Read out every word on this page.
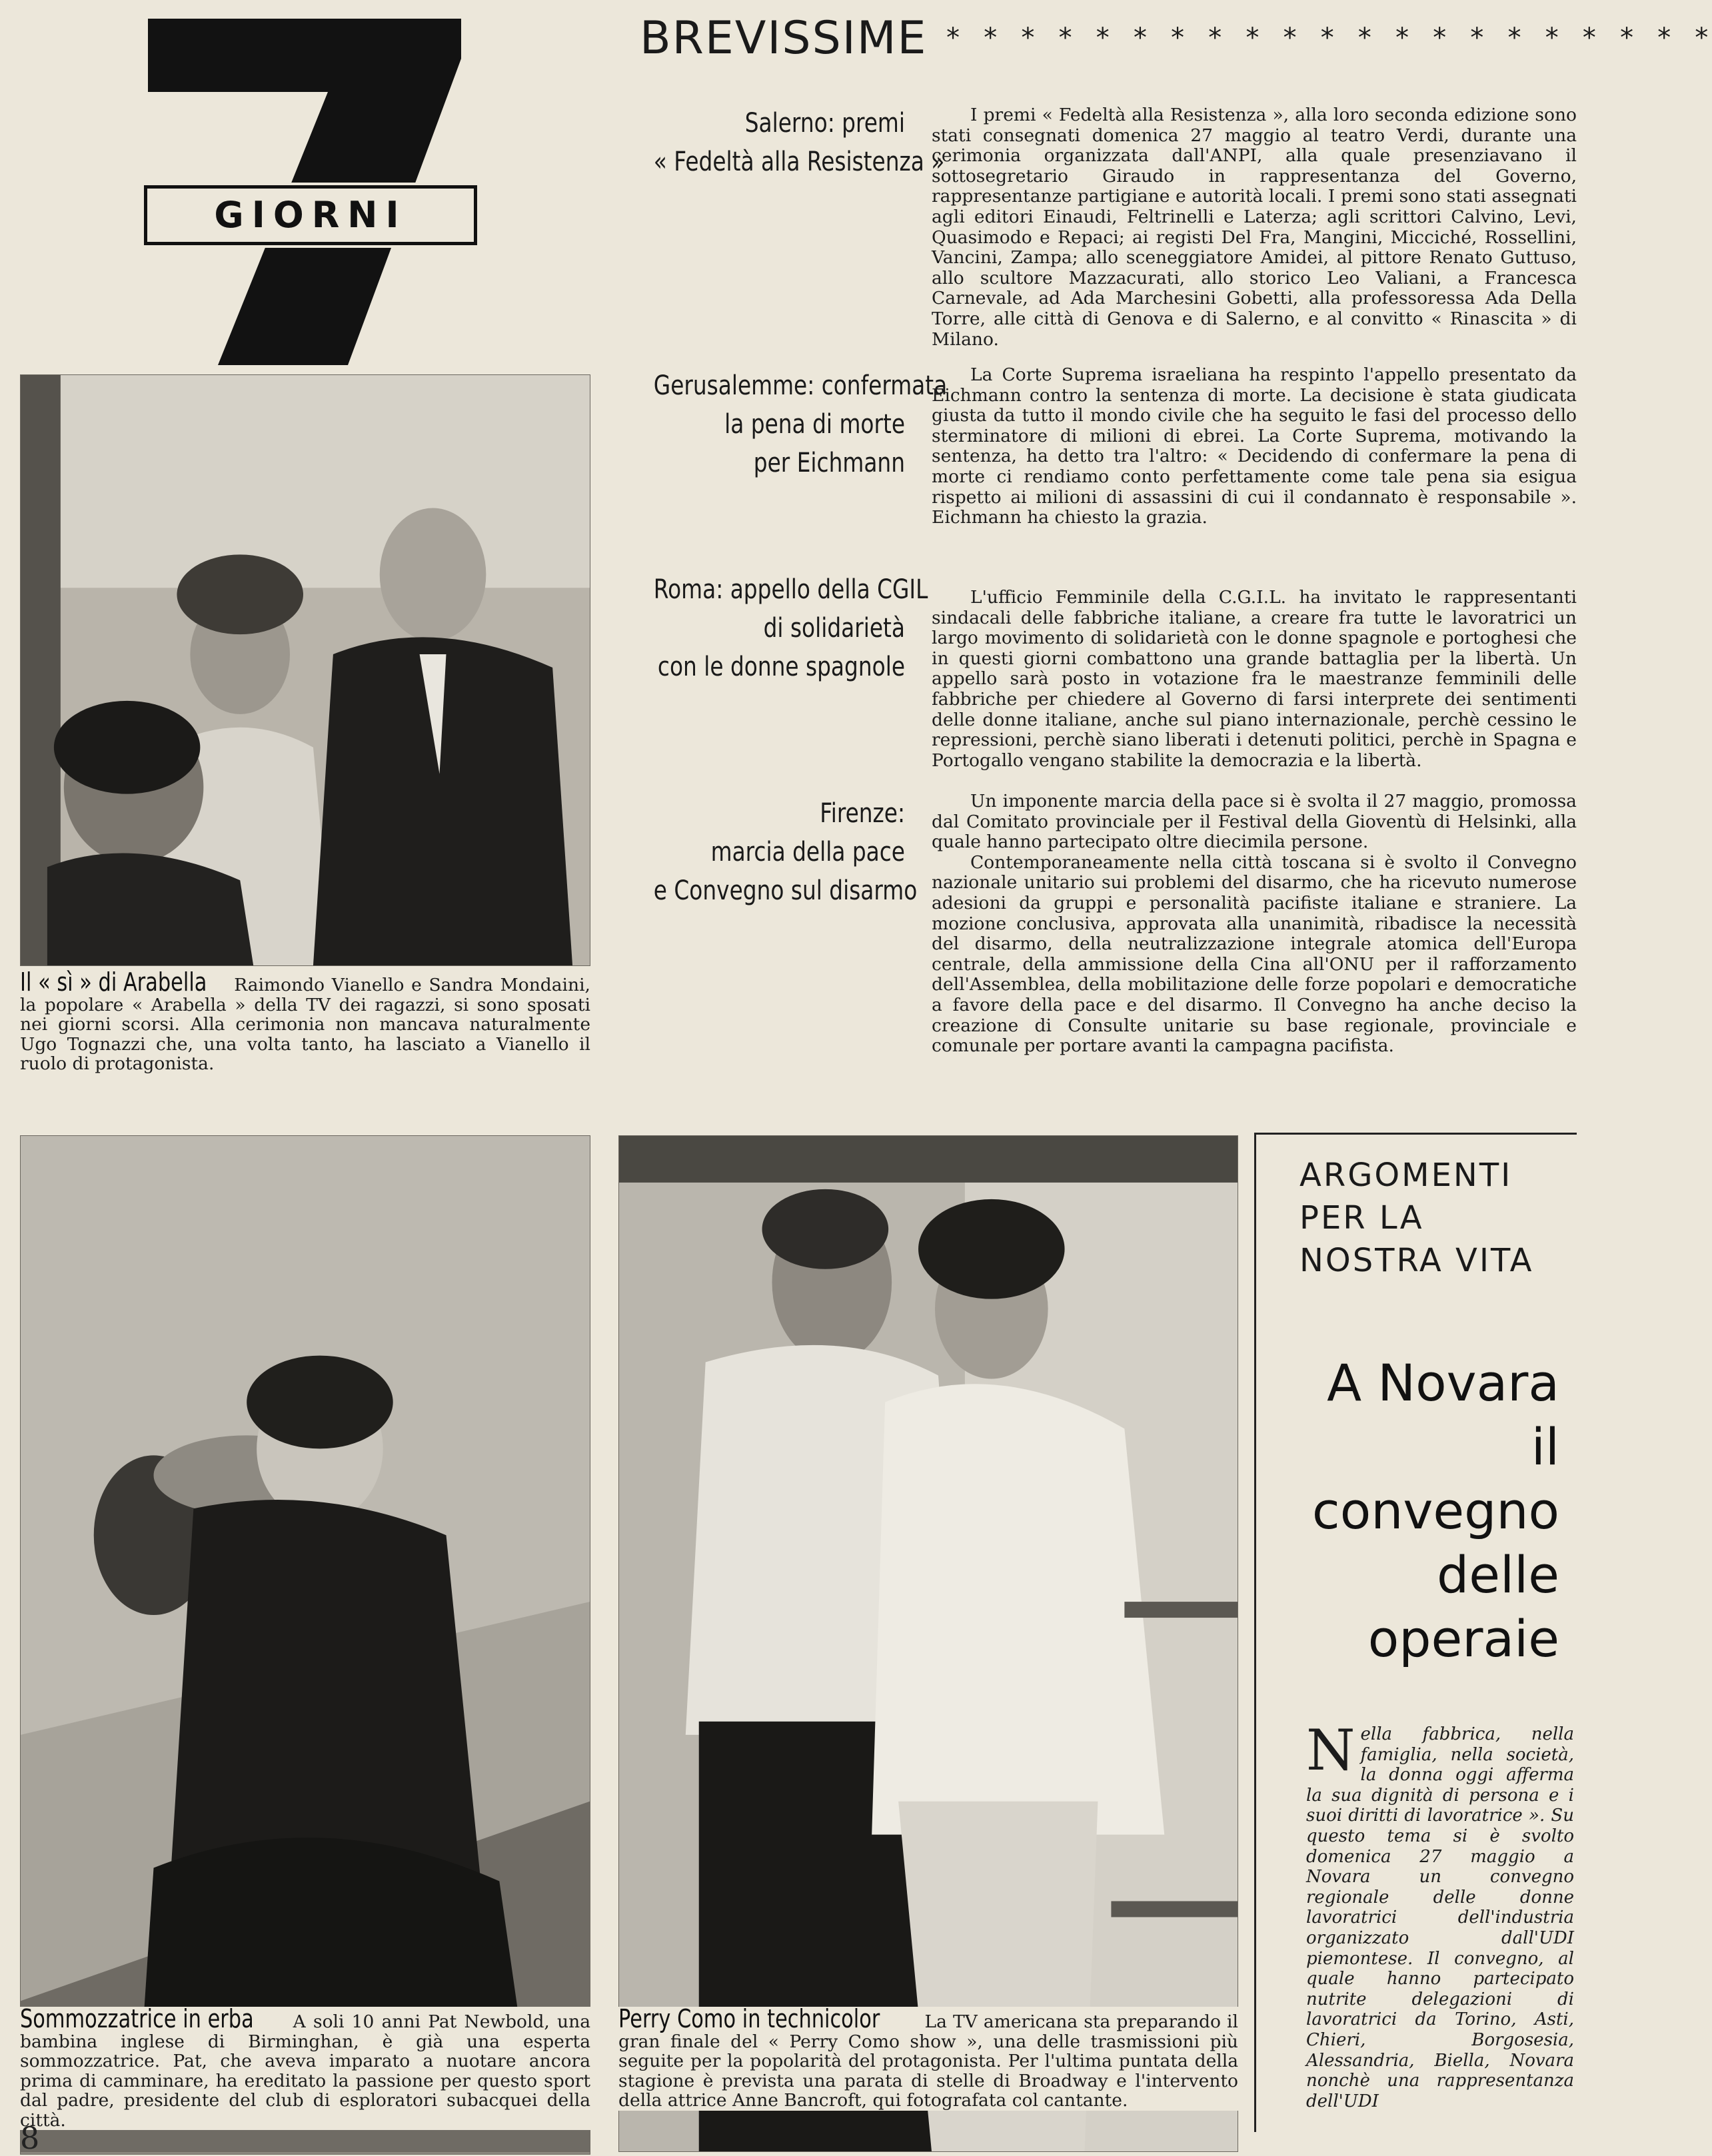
GIORNI
BREVISSIME * * * * * * * * * * * * * * * * * * * * *
Salerno: premi
« Fedeltà alla Resistenza »
Gerusalemme: confermata
la pena di morte
per Eichmann
Roma: appello della CGIL
di solidarietà
con le donne spagnole
Firenze:
marcia della pace
e Convegno sul disarmo

I premi « Fedeltà alla Resistenza », alla loro seconda edizione sono stati consegnati domenica 27 maggio al teatro Verdi, durante una cerimonia organizzata dall'ANPI, alla quale presenziavano il sottosegretario Giraudo in rappresentanza del Governo, rappresentanze partigiane e autorità locali. I premi sono stati assegnati agli editori Einaudi, Feltrinelli e Laterza; agli scrittori Calvino, Levi, Quasimodo e Repaci; ai registi Del Fra, Mangini, Micciché, Rossellini, Vancini, Zampa; allo sceneggiatore Amidei, al pittore Renato Guttuso, allo scultore Mazzacurati, allo storico Leo Valiani, a Francesca Carnevale, ad Ada Marchesini Gobetti, alla professoressa Ada Della Torre, alle città di Genova e di Salerno, e al convitto « Rinascita » di Milano.

La Corte Suprema israeliana ha respinto l'appello presentato da Eichmann contro la sentenza di morte. La decisione è stata giudicata giusta da tutto il mondo civile che ha seguito le fasi del processo dello sterminatore di milioni di ebrei. La Corte Suprema, motivando la sentenza, ha detto tra l'altro: « Decidendo di confermare la pena di morte ci rendiamo conto perfettamente come tale pena sia esigua rispetto ai milioni di assassini di cui il condannato è responsabile ». Eichmann ha chiesto la grazia.

L'ufficio Femminile della C.G.I.L. ha invitato le rappresentanti sindacali delle fabbriche italiane, a creare fra tutte le lavoratrici un largo movimento di solidarietà con le donne spagnole e portoghesi che in questi giorni combattono una grande battaglia per la libertà. Un appello sarà posto in votazione fra le maestranze femminili delle fabbriche per chiedere al Governo di farsi interprete dei sentimenti delle donne italiane, anche sul piano internazionale, perchè cessino le repressioni, perchè siano liberati i detenuti politici, perchè in Spagna e Portogallo vengano stabilite la democrazia e la libertà.

Un imponente marcia della pace si è svolta il 27 maggio, promossa dal Comitato provinciale per il Festival della Gioventù di Helsinki, alla quale hanno partecipato oltre diecimila persone.

Contemporaneamente nella città toscana si è svolto il Convegno nazionale unitario sui problemi del disarmo, che ha ricevuto numerose adesioni da gruppi e personalità pacifiste italiane e straniere. La mozione conclusiva, approvata alla unanimità, ribadisce la necessità del disarmo, della neutralizzazione integrale atomica dell'Europa centrale, della ammissione della Cina all'ONU per il rafforzamento dell'Assemblea, della mobilitazione delle forze popolari e democratiche a favore della pace e del disarmo. Il Convegno ha anche deciso la creazione di Consulte unitarie su base regionale, provinciale e comunale per portare avanti la campagna pacifista.

Il « sì » di Arabella Raimondo Vianello e Sandra Mondaini, la popolare « Arabella » della TV dei ragazzi, si sono sposati nei giorni scorsi. Alla cerimonia non mancava naturalmente Ugo Tognazzi che, una volta tanto, ha lasciato a Vianello il ruolo di protagonista.
Sommozzatrice in erba A soli 10 anni Pat Newbold, una bambina inglese di Birminghan, è già una esperta sommozzatrice. Pat, che aveva imparato a nuotare ancora prima di camminare, ha ereditato la passione per questo sport dal padre, presidente del club di esploratori subacquei della città.
Perry Como in technicolor	La TV americana sta preparando il gran finale del « Perry Como show », una delle trasmissioni più seguite per la popolarità del protagonista. Per l'ultima puntata della stagione è prevista una parata di stelle di Broadway e l'intervento della attrice Anne Bancroft, qui fotografata col cantante.
ARGOMENTI
PER LA
NOSTRA VITA
A Novara
il
convegno
delle
operaie
Nella fabbrica, nella famiglia, nella società, la donna oggi afferma la sua dignità di persona e i suoi diritti di lavoratrice ». Su questo tema si è svolto domenica 27 maggio a Novara un convegno regionale delle donne lavoratrici dell'industria organizzato dall'UDI piemontese. Il convegno, al quale hanno partecipato nutrite delegazioni di lavoratrici da Torino, Asti, Chieri, Borgosesia, Alessandria, Biella, Novara nonchè una rappresentanza dell'UDI
8
